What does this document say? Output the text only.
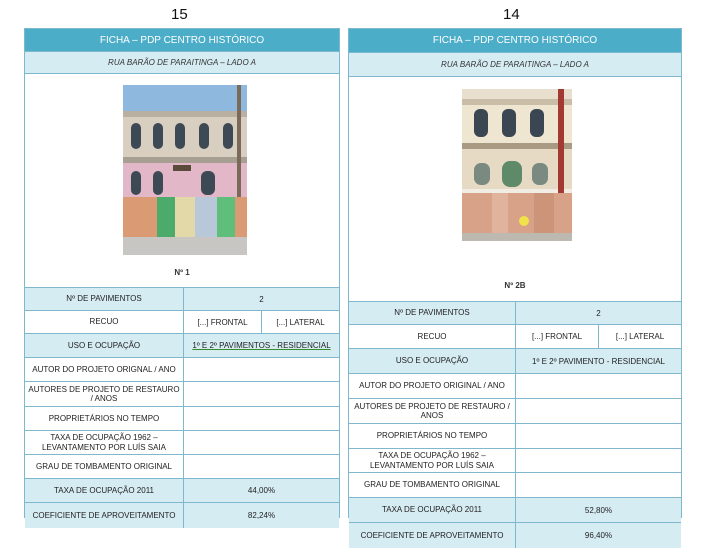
15
FICHA – PDP CENTRO HISTÓRICO
RUA BARÃO DE PARAITINGA – LADO A
Nº 1
Nº DE PAVIMENTOS	2
RECUO	[...] FRONTAL	[...] LATERAL
USO E OCUPAÇÃO	1º E 2º PAVIMENTOS - RESIDENCIAL
AUTOR DO PROJETO ORIGNAL / ANO
AUTORES DE PROJETO DE RESTAURO / ANOS
PROPRIETÁRIOS NO TEMPO
TAXA DE OCUPAÇÃO 1962 – LEVANTAMENTO POR LUÍS SAIA
GRAU DE TOMBAMENTO ORIGINAL
TAXA DE OCUPAÇÃO 2011	44,00%
COEFICIENTE DE APROVEITAMENTO	82,24%
14
FICHA – PDP CENTRO HISTÓRICO
RUA BARÃO DE PARAITINGA – LADO A
Nº 2B
Nº DE PAVIMENTOS	2
RECUO	[...] FRONTAL	[...] LATERAL
USO E OCUPAÇÃO	1º E 2º PAVIMENTO - RESIDENCIAL
AUTOR DO PROJETO ORIGINAL / ANO
AUTORES DE PROJETO DE RESTAURO / ANOS
PROPRIETÁRIOS NO TEMPO
TAXA DE OCUPAÇÃO 1962 – LEVANTAMENTO POR LUÍS SAIA
GRAU DE TOMBAMENTO ORIGINAL
TAXA DE OCUPAÇÃO 2011	52,80%
COEFICIENTE DE APROVEITAMENTO	96,40%
